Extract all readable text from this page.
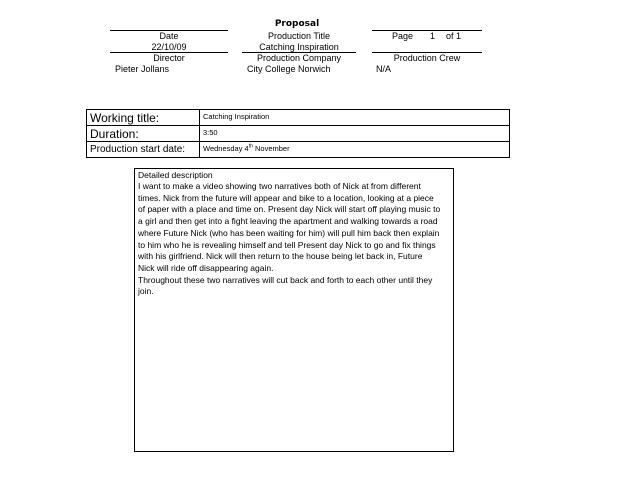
Proposal
Date	Production Title	Page 1 of 1
22/10/09	Catching Inspiration
Director	Production Company	Production Crew
Pieter Jollans	City College Norwich	N/A
Working title:	Catching Inspiration
Duration:	3:50
Production start date:	Wednesday 4th November
Detailed description
I want to make a video showing two narratives both of Nick at from different
times. Nick from the future will appear and bike to a location, looking at a piece
of paper with a place and time on. Present day Nick will start off playing music to
a girl and then get into a fight leaving the apartment and walking towards a road
where Future Nick (who has been waiting for him) will pull him back then explain
to him who he is revealing himself and tell Present day Nick to go and fix things
with his girlfriend. Nick will then return to the house being let back in, Future
Nick will ride off disappearing again.
Throughout these two narratives will cut back and forth to each other until they
join.
